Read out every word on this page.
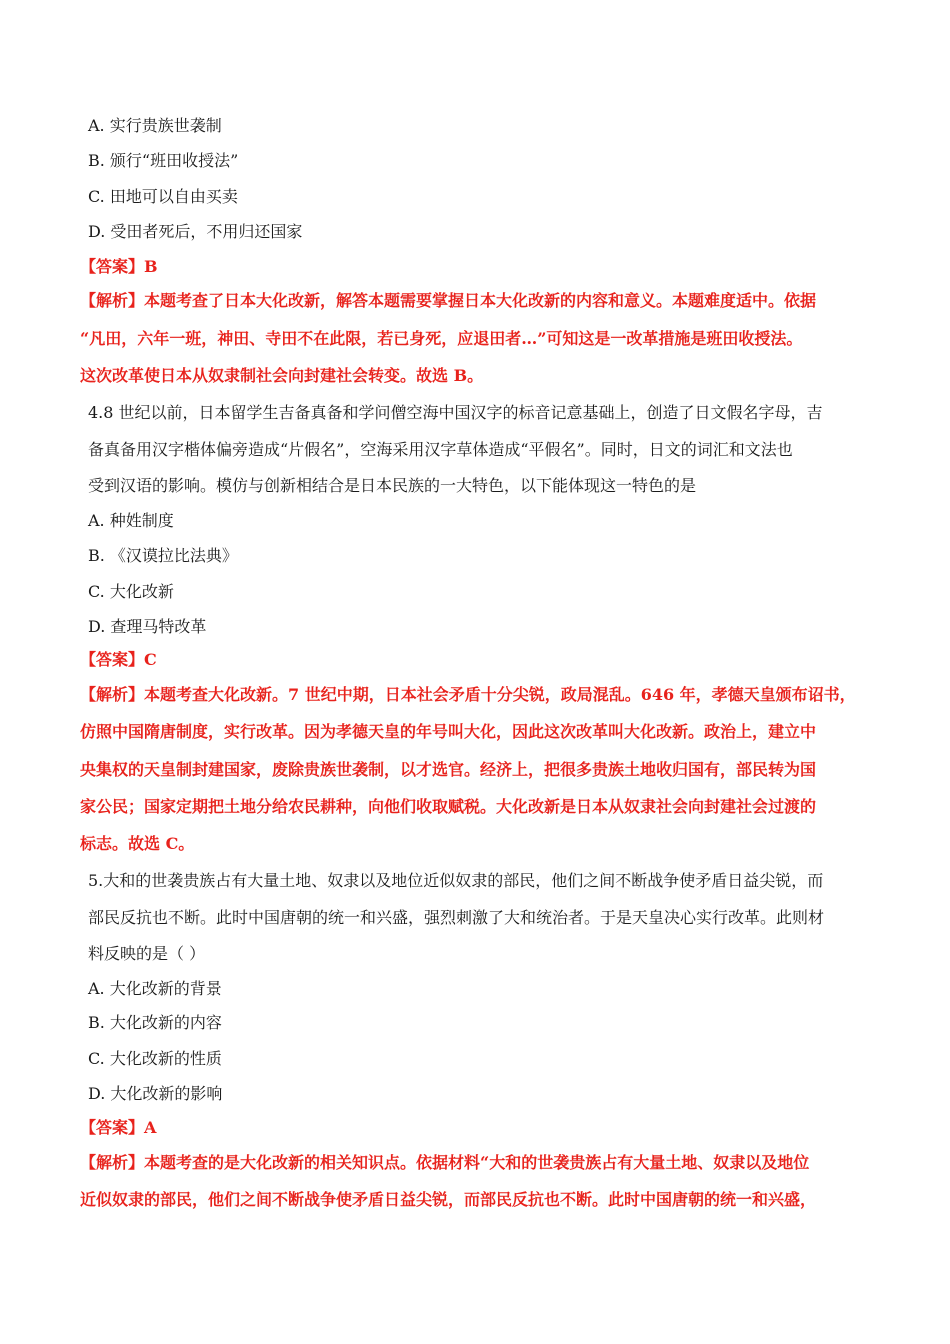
A. 实行贵族世袭制
B. 颁行“班田收授法”
C. 田地可以自由买卖
D. 受田者死后，不用归还国家
【答案】B
【解析】本题考查了日本大化改新，解答本题需要掌握日本大化改新的内容和意义。本题难度适中。依据
“凡田，六年一班，神田、寺田不在此限，若已身死，应退田者…”可知这是一改革措施是班田收授法。
这次改革使日本从奴隶制社会向封建社会转变。故选 B。
4.8 世纪以前，日本留学生吉备真备和学问僧空海中国汉字的标音记意基础上，创造了日文假名字母，吉
备真备用汉字楷体偏旁造成“片假名”，空海采用汉字草体造成“平假名”。同时，日文的词汇和文法也
受到汉语的影响。模仿与创新相结合是日本民族的一大特色，以下能体现这一特色的是
A. 种姓制度
B. 《汉谟拉比法典》
C. 大化改新
D. 查理马特改革
【答案】C
【解析】本题考查大化改新。7 世纪中期，日本社会矛盾十分尖锐，政局混乱。646 年，孝德天皇颁布诏书，
仿照中国隋唐制度，实行改革。因为孝德天皇的年号叫大化，因此这次改革叫大化改新。政治上，建立中
央集权的天皇制封建国家，废除贵族世袭制，以才选官。经济上，把很多贵族土地收归国有，部民转为国
家公民；国家定期把土地分给农民耕种，向他们收取赋税。大化改新是日本从奴隶社会向封建社会过渡的
标志。故选 C。
5.大和的世袭贵族占有大量土地、奴隶以及地位近似奴隶的部民，他们之间不断战争使矛盾日益尖锐，而
部民反抗也不断。此时中国唐朝的统一和兴盛，强烈刺激了大和统治者。于是天皇决心实行改革。此则材
料反映的是（ ）
A. 大化改新的背景
B. 大化改新的内容
C. 大化改新的性质
D. 大化改新的影响
【答案】A
【解析】本题考查的是大化改新的相关知识点。依据材料“大和的世袭贵族占有大量土地、奴隶以及地位
近似奴隶的部民，他们之间不断战争使矛盾日益尖锐，而部民反抗也不断。此时中国唐朝的统一和兴盛，
